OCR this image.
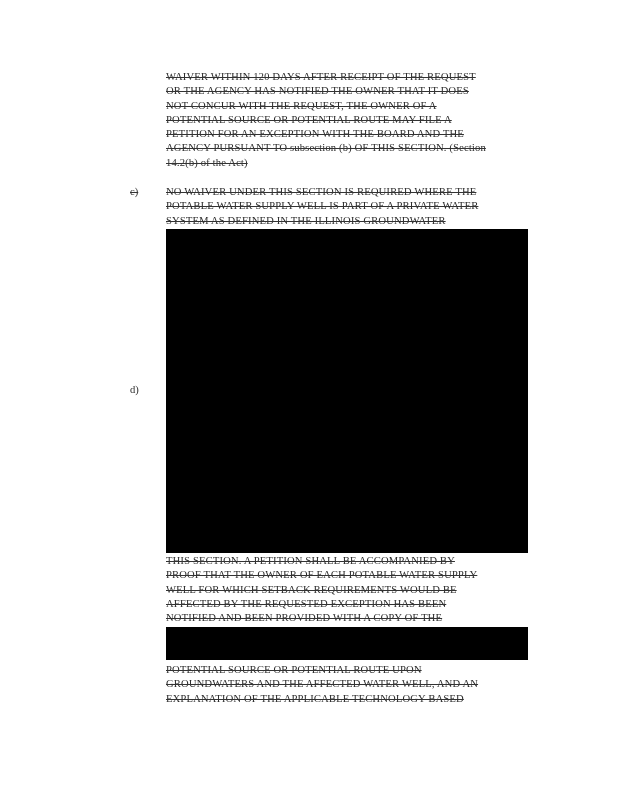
WAIVER WITHIN 120 DAYS AFTER RECEIPT OF THE REQUEST
OR THE AGENCY HAS NOTIFIED THE OWNER THAT IT DOES
NOT CONCUR WITH THE REQUEST, THE OWNER OF A
POTENTIAL SOURCE OR POTENTIAL ROUTE MAY FILE A
PETITION FOR AN EXCEPTION WITH THE BOARD AND THE
AGENCY PURSUANT TO subsection (b) OF THIS SECTION. (Section
14.2(b) of the Act)
c)	NO WAIVER UNDER THIS SECTION IS REQUIRED WHERE THE
POTABLE WATER SUPPLY WELL IS PART OF A PRIVATE WATER
SYSTEM AS DEFINED IN THE ILLINOIS GROUNDWATER
d)
THIS SECTION. A PETITION SHALL BE ACCOMPANIED BY
PROOF THAT THE OWNER OF EACH POTABLE WATER SUPPLY
WELL FOR WHICH SETBACK REQUIREMENTS WOULD BE
AFFECTED BY THE REQUESTED EXCEPTION HAS BEEN
NOTIFIED AND BEEN PROVIDED WITH A COPY OF THE
POTENTIAL SOURCE OR POTENTIAL ROUTE UPON
GROUNDWATERS AND THE AFFECTED WATER WELL, AND AN
EXPLANATION OF THE APPLICABLE TECHNOLOGY-BASED
